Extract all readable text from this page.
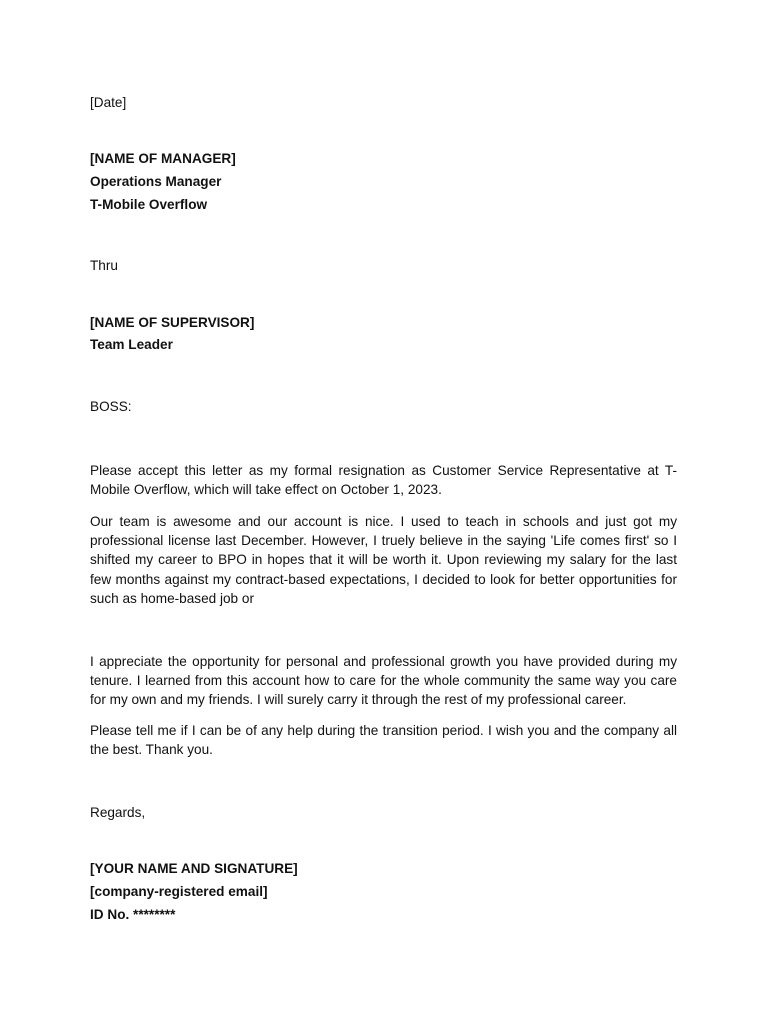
[Date]
[NAME OF MANAGER]
Operations Manager
T-Mobile Overflow
Thru
[NAME OF SUPERVISOR]
Team Leader
BOSS:

Please accept this letter as my formal resignation as Customer Service Representative at T-Mobile Overflow, which will take effect on October 1, 2023.

Our team is awesome and our account is nice. I used to teach in schools and just got my professional license last December. However, I truely believe in the saying 'Life comes first' so I shifted my career to BPO in hopes that it will be worth it. Upon reviewing my salary for the last few months against my contract-based expectations, I decided to look for better opportunities for such as home-based job or

I appreciate the opportunity for personal and professional growth you have provided during my tenure. I learned from this account how to care for the whole community the same way you care for my own and my friends. I will surely carry it through the rest of my professional career.

Please tell me if I can be of any help during the transition period. I wish you and the company all the best. Thank you.

Regards,
[YOUR NAME AND SIGNATURE]
[company-registered email]
ID No. ********
